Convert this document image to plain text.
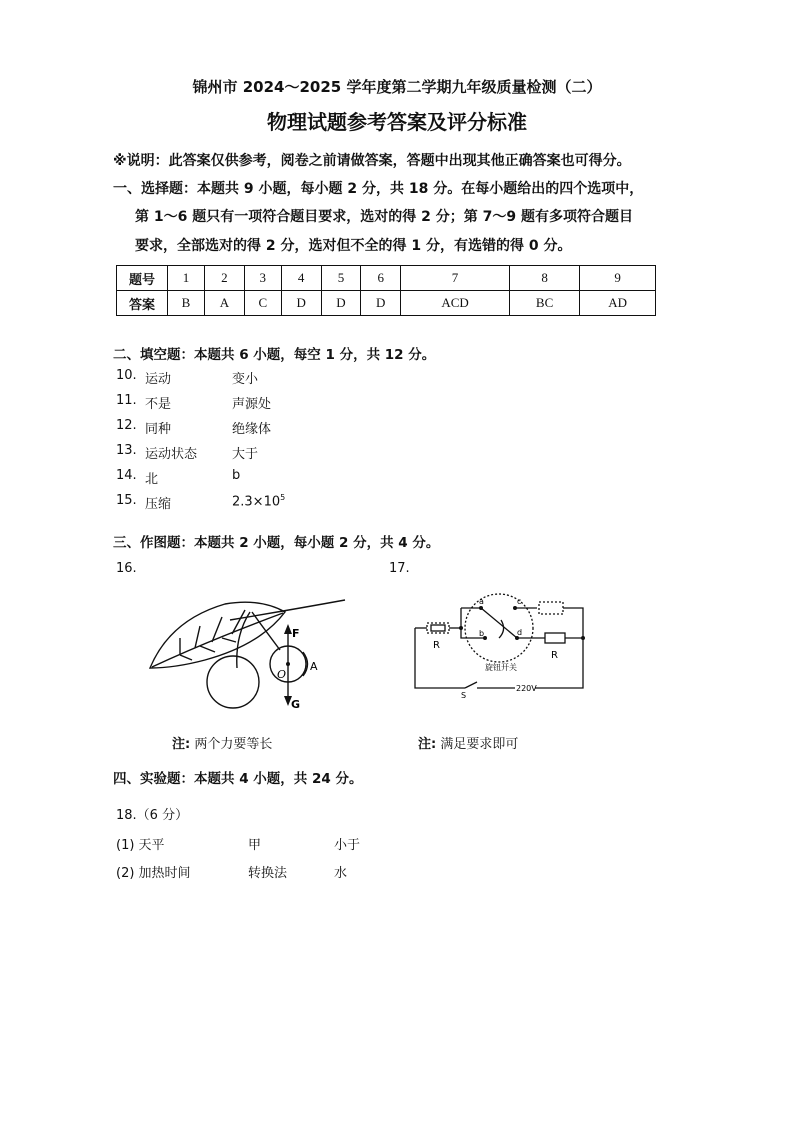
锦州市 2024～2025 学年度第二学期九年级质量检测（二）
物理试题参考答案及评分标准
※说明：此答案仅供参考，阅卷之前请做答案，答题中出现其他正确答案也可得分。
一、选择题：本题共 9 小题，每小题 2 分，共 18 分。在每小题给出的四个选项中，
第 1～6 题只有一项符合题目要求，选对的得 2 分；第 7～9 题有多项符合题目
要求，全部选对的得 2 分，选对但不全的得 1 分，有选错的得 0 分。
题号	1	2	3	4	5	6	7	8	9
答案	B	A	C	D	D	D	ACD	BC	AD
二、填空题：本题共 6 小题，每空 1 分，共 12 分。
10. 运动	变小
11. 不是	声源处
12. 同种	绝缘体
13. 运动状态	大于
14. 北	b
15. 压缩	$2.3\times 10^5$
三、作图题：本题共 2 小题，每小题 2 分，共 4 分。
16.	17.
F
O
G
A
a
b
c
d
R
R
旋钮开关
S
220V
注: 两个力要等长	注: 满足要求即可
四、实验题：本题共 4 小题，共 24 分。
18.（6 分）
(1) 天平	甲	小于
(2) 加热时间	转换法	水
